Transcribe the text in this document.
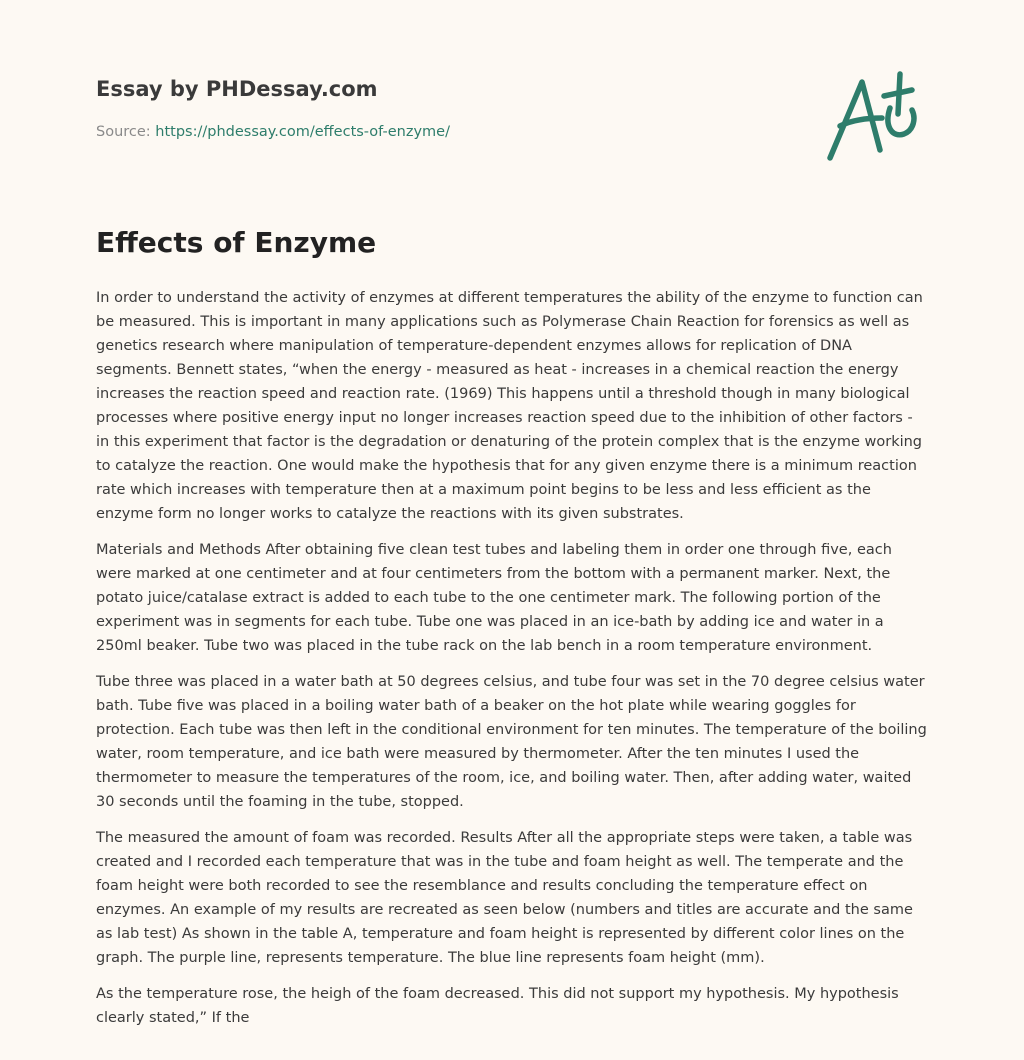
Essay by PHDessay.com
Source: https://phdessay.com/effects-of-enzyme/
Effects of Enzyme

In order to understand the activity of enzymes at different temperatures the ability of the enzyme to function can be measured. This is important in many applications such as Polymerase Chain Reaction for forensics as well as genetics research where manipulation of temperature-dependent enzymes allows for replication of DNA segments. Bennett states, “when the energy - measured as heat - increases in a chemical reaction the energy increases the reaction speed and reaction rate. (1969) This happens until a threshold though in many biological processes where positive energy input no longer increases reaction speed due to the inhibition of other factors - in this experiment that factor is the degradation or denaturing of the protein complex that is the enzyme working to catalyze the reaction. One would make the hypothesis that for any given enzyme there is a minimum reaction rate which increases with temperature then at a maximum point begins to be less and less efficient as the enzyme form no longer works to catalyze the reactions with its given substrates.

Materials and Methods After obtaining five clean test tubes and labeling them in order one through five, each were marked at one centimeter and at four centimeters from the bottom with a permanent marker. Next, the potato juice/catalase extract is added to each tube to the one centimeter mark. The following portion of the experiment was in segments for each tube. Tube one was placed in an ice-bath by adding ice and water in a 250ml beaker. Tube two was placed in the tube rack on the lab bench in a room temperature environment.

Tube three was placed in a water bath at 50 degrees celsius, and tube four was set in the 70 degree celsius water bath. Tube five was placed in a boiling water bath of a beaker on the hot plate while wearing goggles for protection. Each tube was then left in the conditional environment for ten minutes. The temperature of the boiling water, room temperature, and ice bath were measured by thermometer. After the ten minutes I used the thermometer to measure the temperatures of the room, ice, and boiling water. Then, after adding water, waited 30 seconds until the foaming in the tube, stopped.

The measured the amount of foam was recorded. Results After all the appropriate steps were taken, a table was created and I recorded each temperature that was in the tube and foam height as well. The temperate and the foam height were both recorded to see the resemblance and results concluding the temperature effect on enzymes. An example of my results are recreated as seen below (numbers and titles are accurate and the same as lab test) As shown in the table A, temperature and foam height is represented by different color lines on the graph. The purple line, represents temperature. The blue line represents foam height (mm).

As the temperature rose, the heigh of the foam decreased. This did not support my hypothesis. My hypothesis clearly stated,” If the
